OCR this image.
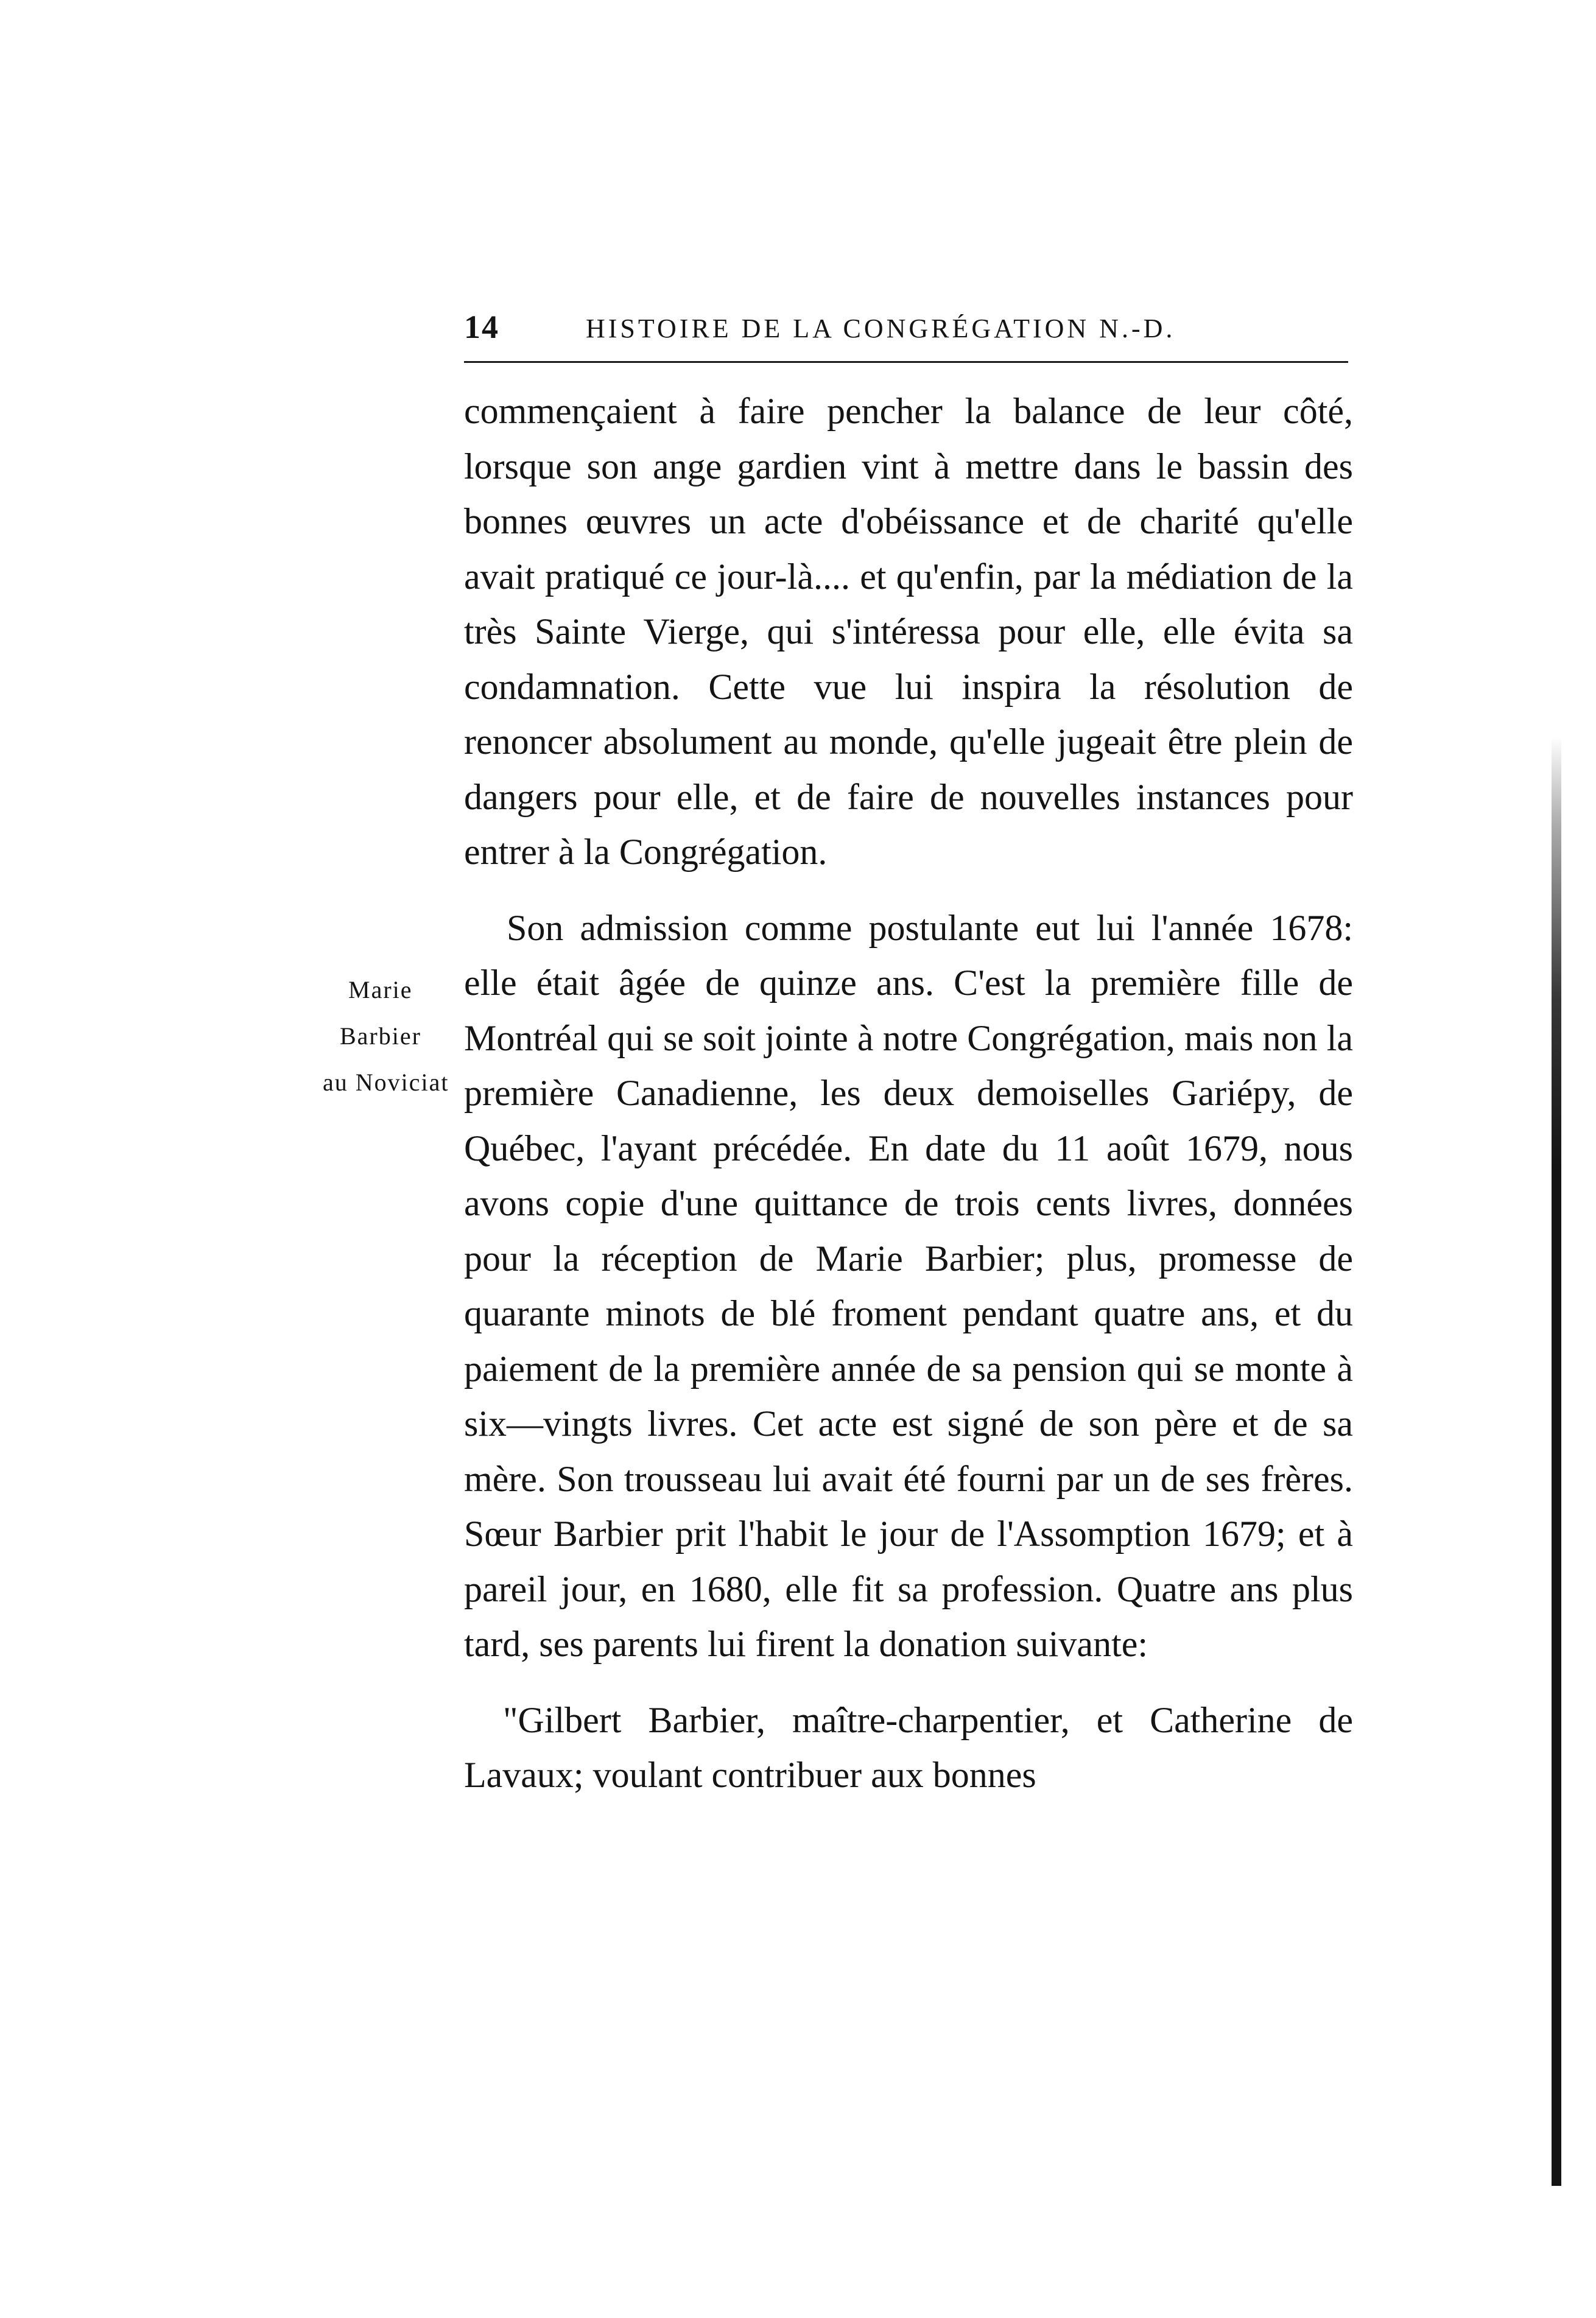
14	HISTOIRE DE LA CONGRÉGATION N.-D.
Marie
Barbier
au Noviciat

commençaient à faire pencher la balance de leur côté, lorsque son ange gardien vint à mettre dans le bassin des bonnes œuvres un acte d'obéissance et de charité qu'elle avait pratiqué ce jour-là.... et qu'enfin, par la médiation de la très Sainte Vierge, qui s'intéressa pour elle, elle évita sa condamnation. Cette vue lui inspira la résolution de renoncer absolument au monde, qu'elle jugeait être plein de dangers pour elle, et de faire de nouvelles instances pour entrer à la Congrégation.

Son admission comme postulante eut lui l'année 1678: elle était âgée de quinze ans. C'est la première fille de Montréal qui se soit jointe à notre Congrégation, mais non la première Canadienne, les deux demoiselles Gariépy, de Québec, l'ayant précédée. En date du 11 août 1679, nous avons copie d'une quittance de trois cents livres, données pour la réception de Marie Barbier; plus, promesse de quarante minots de blé froment pendant quatre ans, et du paiement de la première année de sa pension qui se monte à six—vingts livres. Cet acte est signé de son père et de sa mère. Son trousseau lui avait été fourni par un de ses frères. Sœur Barbier prit l'habit le jour de l'Assomption 1679; et à pareil jour, en 1680, elle fit sa profession. Quatre ans plus tard, ses parents lui firent la donation suivante:

"Gilbert Barbier, maître-charpentier, et Catherine de Lavaux; voulant contribuer aux bonnes
